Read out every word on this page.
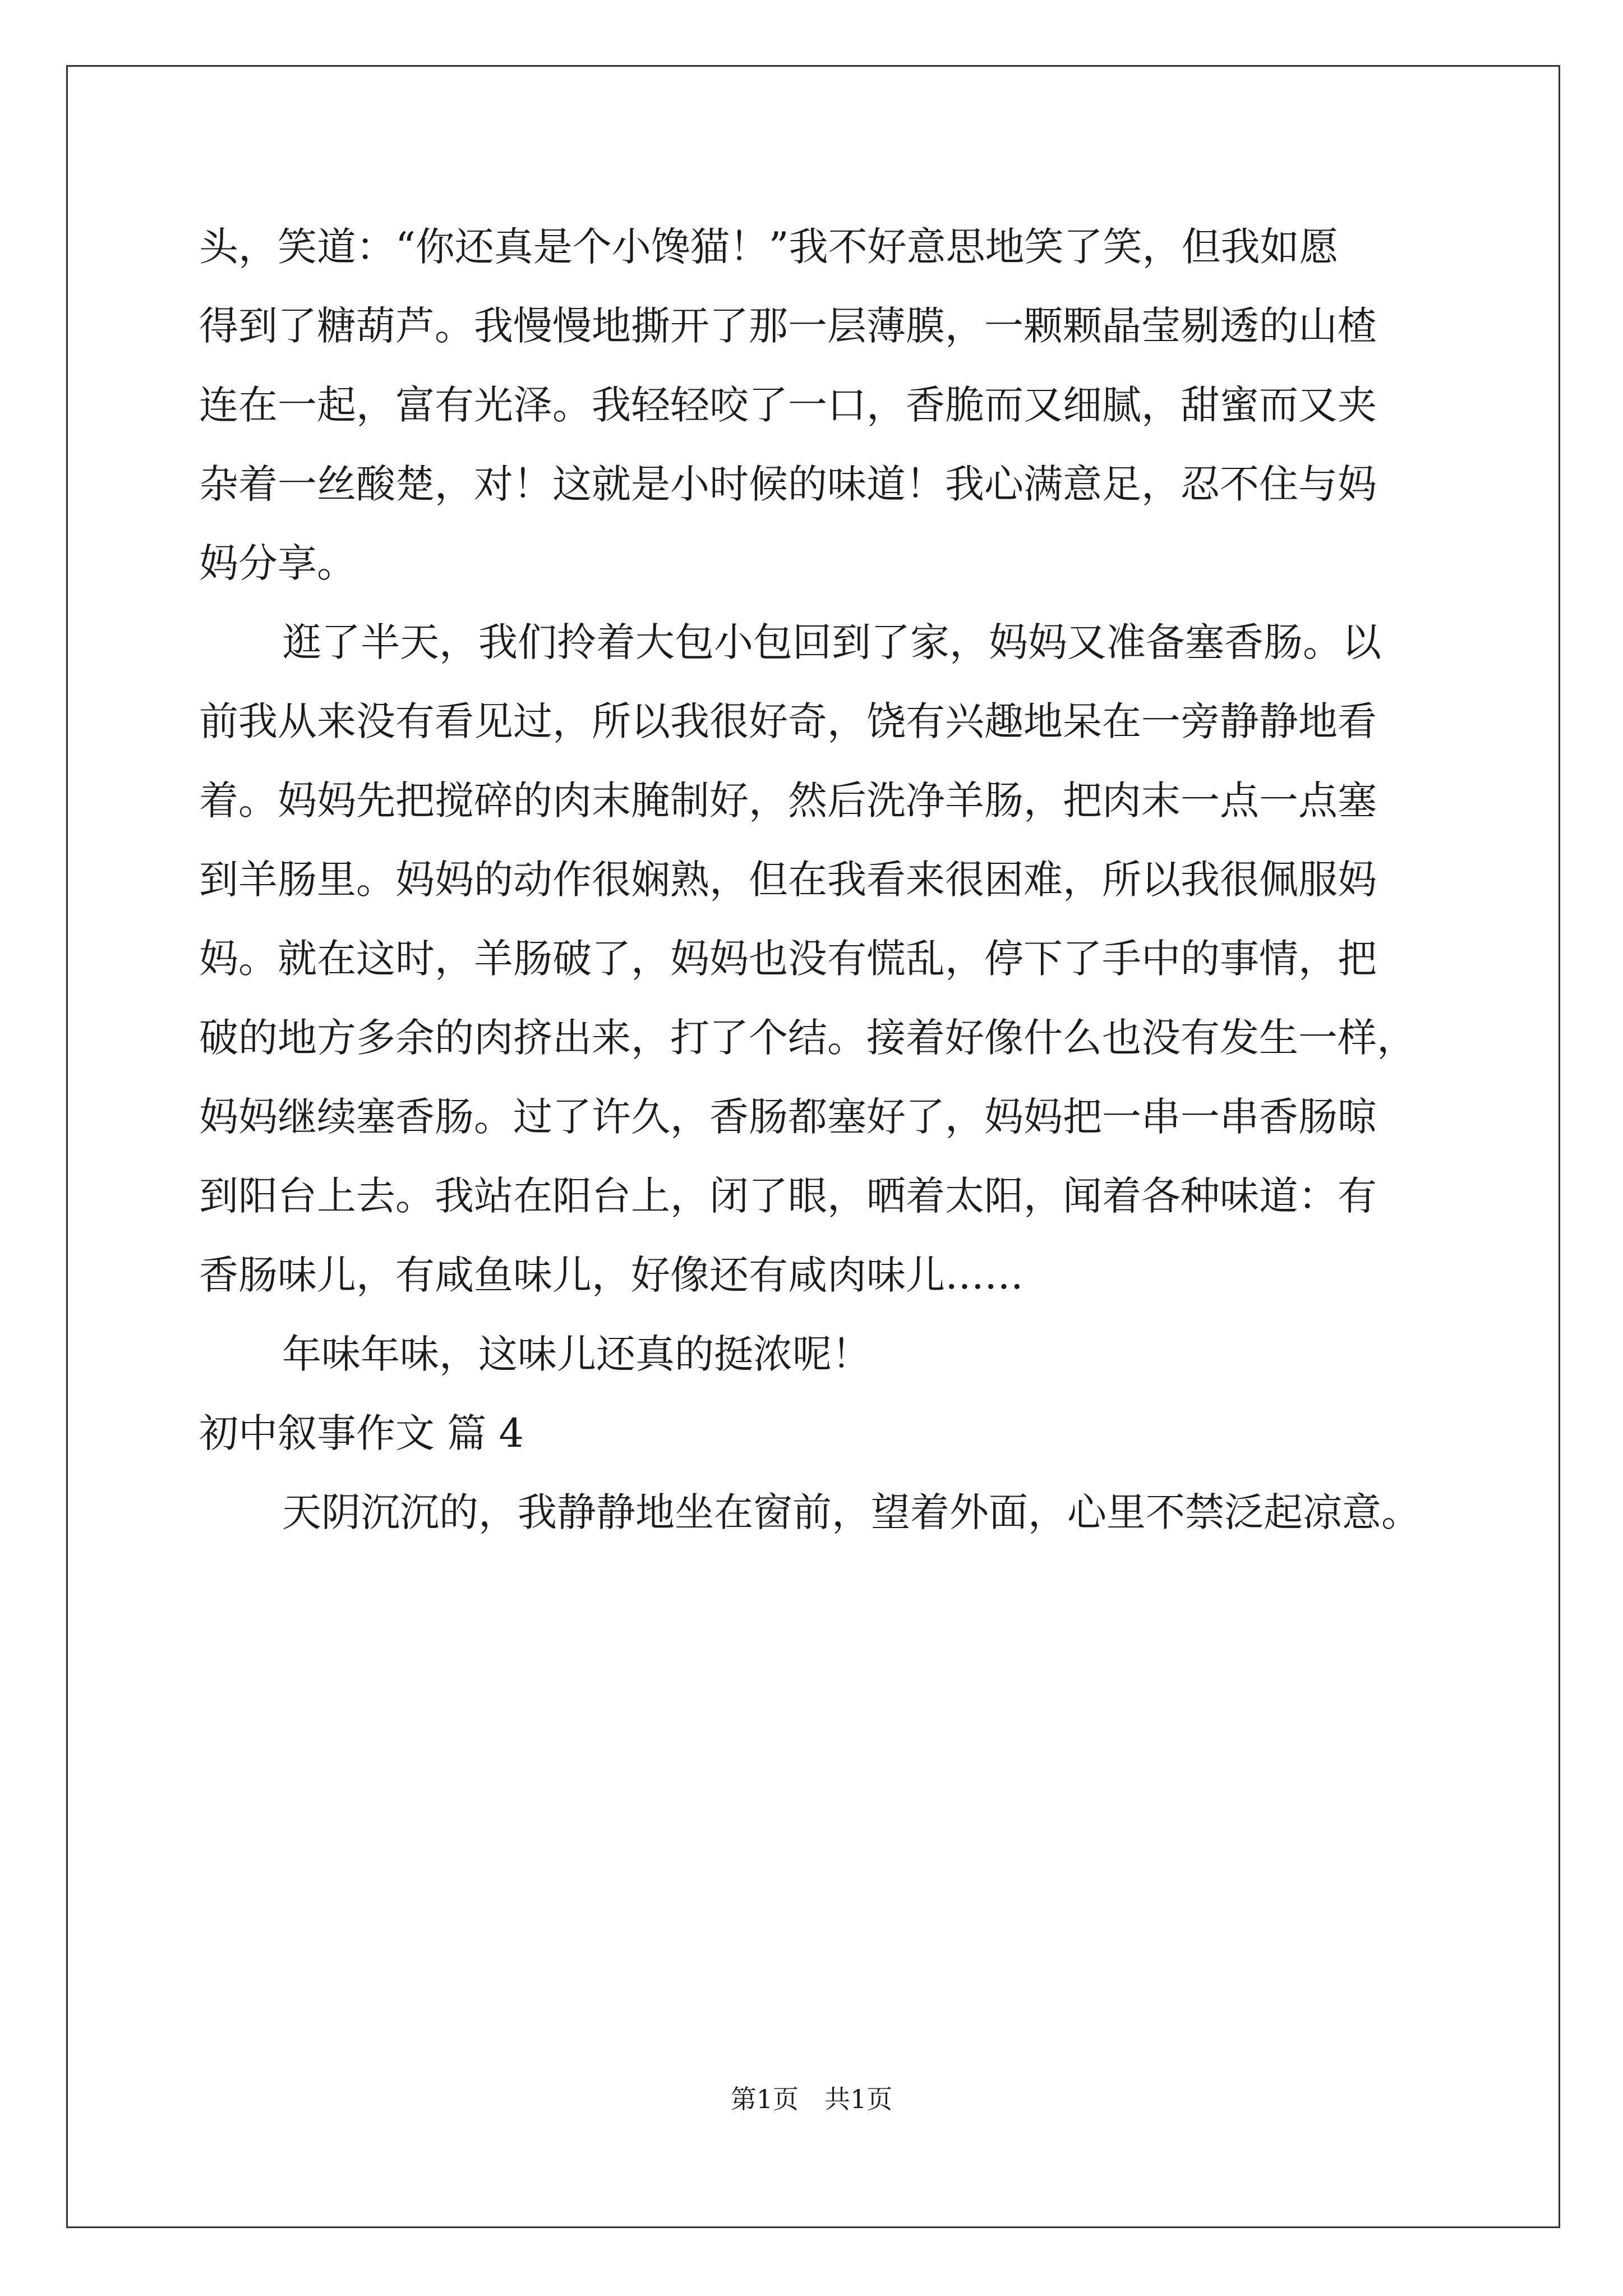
头，笑道：“你还真是个小馋猫！”我不好意思地笑了笑，但我如愿
得到了糖葫芦。我慢慢地撕开了那一层薄膜，一颗颗晶莹剔透的山楂
连在一起，富有光泽。我轻轻咬了一口，香脆而又细腻，甜蜜而又夹
杂着一丝酸楚，对！这就是小时候的味道！我心满意足，忍不住与妈
妈分享。
逛了半天，我们拎着大包小包回到了家，妈妈又准备塞香肠。以
前我从来没有看见过，所以我很好奇，饶有兴趣地呆在一旁静静地看
着。妈妈先把搅碎的肉末腌制好，然后洗净羊肠，把肉末一点一点塞
到羊肠里。妈妈的动作很娴熟，但在我看来很困难，所以我很佩服妈
妈。就在这时，羊肠破了，妈妈也没有慌乱，停下了手中的事情，把
破的地方多余的肉挤出来，打了个结。接着好像什么也没有发生一样，
妈妈继续塞香肠。过了许久，香肠都塞好了，妈妈把一串一串香肠晾
到阳台上去。我站在阳台上，闭了眼，晒着太阳，闻着各种味道：有
香肠味儿，有咸鱼味儿，好像还有咸肉味儿……
年味年味，这味儿还真的挺浓呢！
初中叙事作文 篇 4
天阴沉沉的，我静静地坐在窗前，望着外面，心里不禁泛起凉意。
第1页　共1页
